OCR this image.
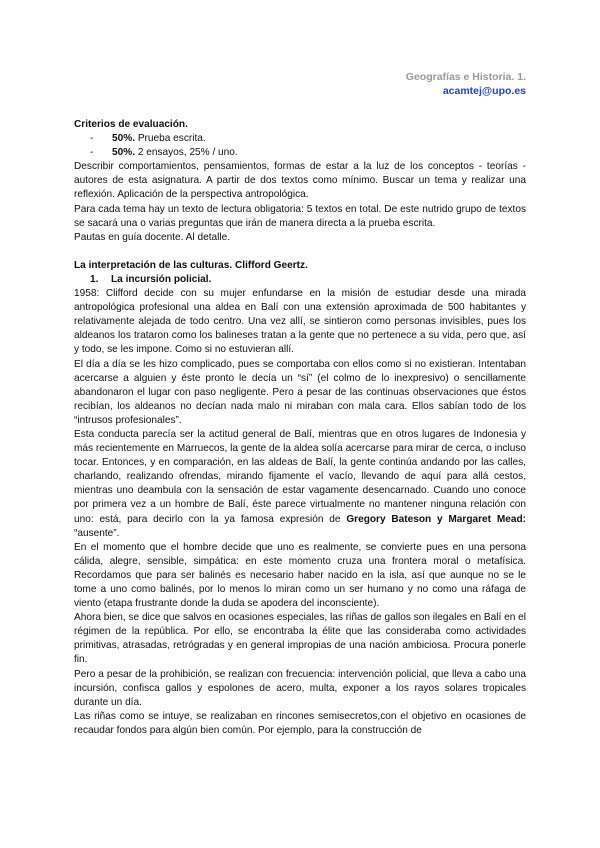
Geografías e Historia. 1.
acamtej@upo.es

Criterios de evaluación.

-	50%. Prueba escrita.
-	50%. 2 ensayos, 25% / uno.

Describir comportamientos, pensamientos, formas de estar a la luz de los conceptos - teorías - autores de esta asignatura. A partir de dos textos como mínimo. Buscar un tema y realizar una reflexión. Aplicación de la perspectiva antropológica.

Para cada tema hay un texto de lectura obligatoria: 5 textos en total. De este nutrido grupo de textos se sacará una o varias preguntas que irán de manera directa a la prueba escrita.

Pautas en guía docente. Al detalle.

La interpretación de las culturas. Clifford Geertz.

1.	La incursión policial.

1958: Clifford decide con su mujer enfundarse en la misión de estudiar desde una mirada antropológica profesional una aldea en Balí con una extensión aproximada de 500 habitantes y relativamente alejada de todo centro. Una vez allí, se sintieron como personas invisibles, pues los aldeanos los trataron como los balineses tratan a la gente que no pertenece a su vida, pero que, así y todo, se les impone. Como si no estuvieran allí.

El día a día se les hizo complicado, pues se comportaba con ellos como si no existieran. Intentaban acercarse a alguien y éste pronto le decía un “sí” (el colmo de lo inexpresivo) o sencillamente abandonaron el lugar con paso negligente. Pero a pesar de las continuas observaciones que éstos recibían, los aldeanos no decían nada malo ni miraban con mala cara. Ellos sabían todo de los “intrusos profesionales”.

Esta conducta parecía ser la actitud general de Balí, mientras que en otros lugares de Indonesia y más recientemente en Marruecos, la gente de la aldea solía acercarse para mirar de cerca, o incluso tocar. Entonces, y en comparación, en las aldeas de Balí, la gente continúa andando por las calles, charlando, realizando ofrendas, mirando fijamente el vacío, llevando de aquí para allá cestos, mientras uno deambula con la sensación de estar vagamente desencarnado. Cuando uno conoce por primera vez a un hombre de Balí, éste parece virtualmente no mantener ninguna relación con uno: está, para decirlo con la ya famosa expresión de Gregory Bateson y Margaret Mead: “ausente”.

En el momento que el hombre decide que uno es realmente, se convierte pues en una persona cálida, alegre, sensible, simpática: en este momento cruza una frontera moral o metafísica. Recordamos que para ser balinés es necesario haber nacido en la isla, así que aunque no se le tome a uno como balinés, por lo menos lo miran como un ser humano y no como una ráfaga de viento (etapa frustrante donde la duda se apodera del inconsciente).

Ahora bien, se dice que salvos en ocasiones especiales, las riñas de gallos son ilegales en Balí en el régimen de la república. Por ello, se encontraba la élite que las consideraba como actividades primitivas, atrasadas, retrógradas y en general impropias de una nación ambiciosa. Procura ponerle fin.

Pero a pesar de la prohibición, se realizan con frecuencia: intervención policial, que lleva a cabo una incursión, confisca gallos y espolones de acero, multa, exponer a los rayos solares tropicales durante un día.

Las riñas como se intuye, se realizaban en rincones semisecretos,con el objetivo en ocasiones de recaudar fondos para algún bien común. Por ejemplo, para la construcción de
